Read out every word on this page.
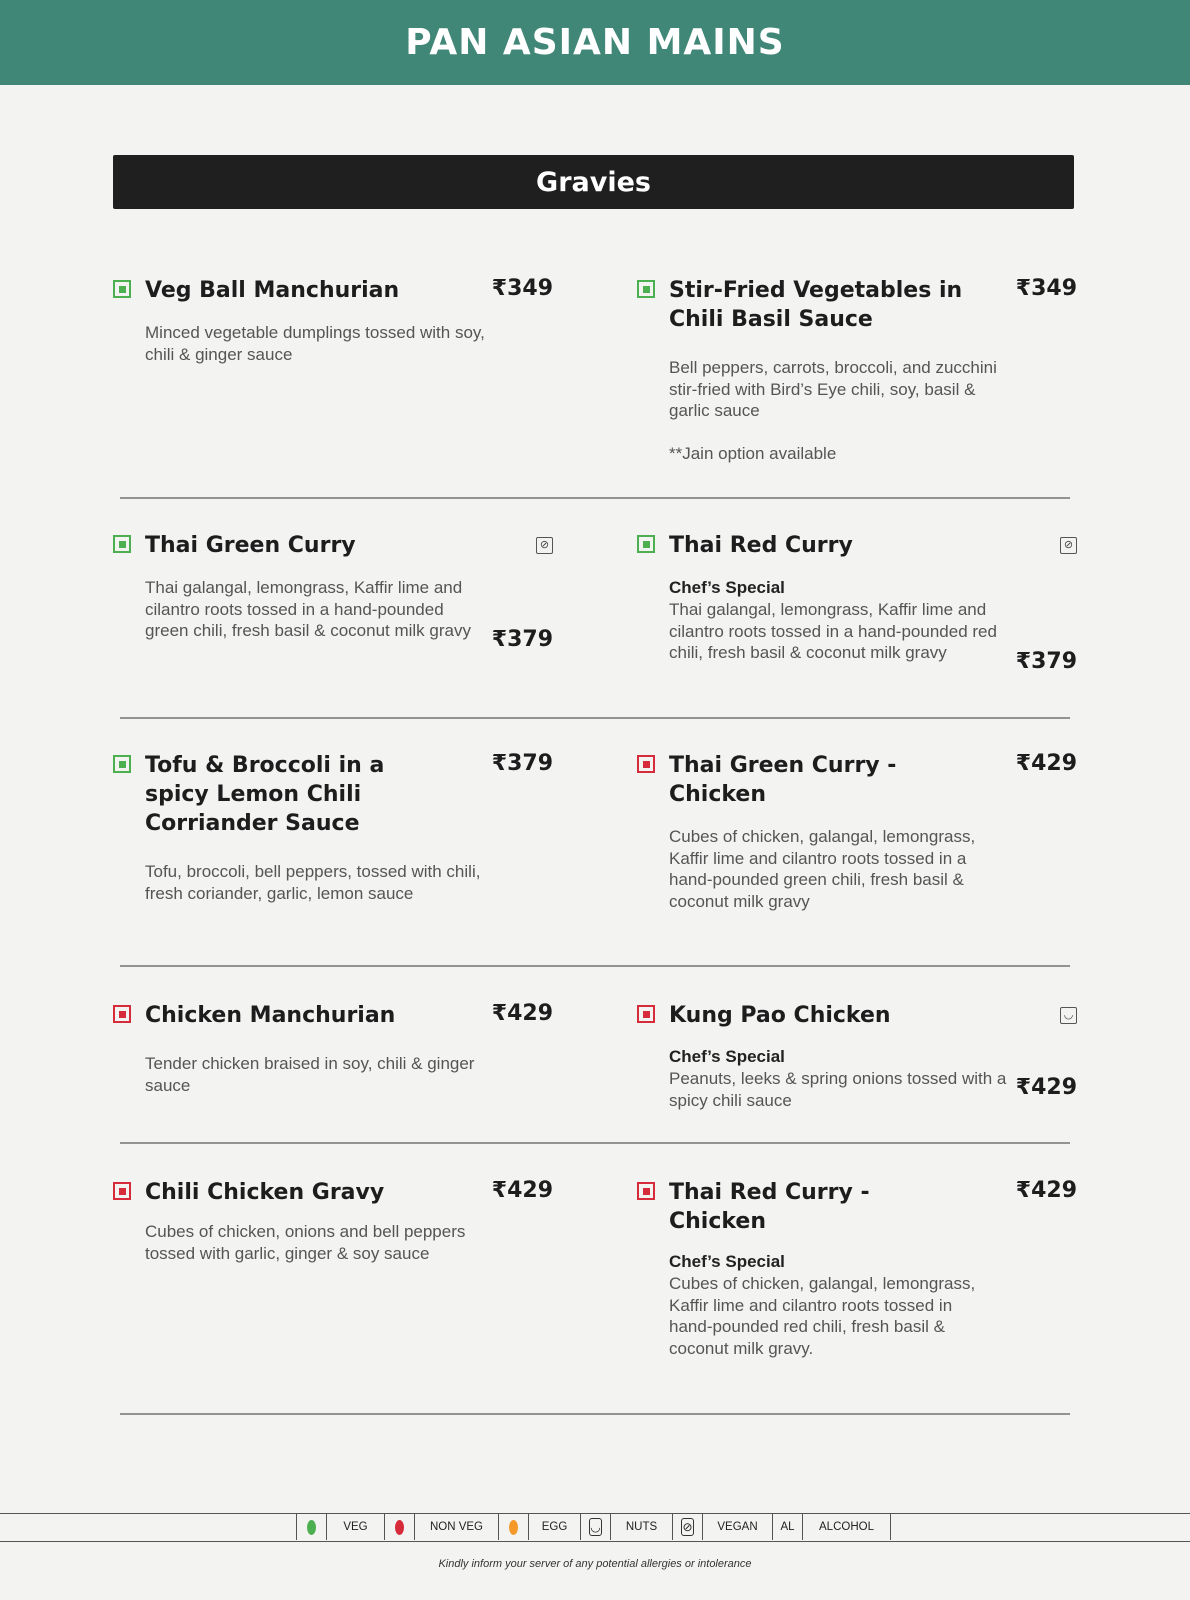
PAN ASIAN MAINS
Gravies
Veg Ball Manchurian	₹349

Minced vegetable dumplings tossed with soy, chili & ginger sauce

Stir-Fried Vegetables in Chili Basil Sauce
₹349

Bell peppers, carrots, broccoli, and zucchini stir-fried with Bird’s Eye chili, soy, basil & garlic sauce

**Jain option available
Thai Green Curry	⊘

Thai galangal, lemongrass, Kaffir lime and cilantro roots tossed in a hand-pounded green chili, fresh basil & coconut milk gravy ₹379
Thai Red Curry	⊘
Chef’s Special

Thai galangal, lemongrass, Kaffir lime and cilantro roots tossed in a hand-pounded red chili, fresh basil & coconut milk gravy	₹379
Tofu & Broccoli in a spicy Lemon Chili Corriander Sauce
₹379

Tofu, broccoli, bell peppers, tossed with chili, fresh coriander, garlic, lemon sauce

Thai Green Curry - Chicken
₹429

Cubes of chicken, galangal, lemongrass, Kaffir lime and cilantro roots tossed in a hand-pounded green chili, fresh basil & coconut milk gravy

Chicken Manchurian	₹429

Tender chicken braised in soy, chili & ginger sauce

Kung Pao Chicken	◡
Chef’s Special

Peanuts, leeks & spring onions tossed with a spicy chili sauce	₹429
Chili Chicken Gravy	₹429

Cubes of chicken, onions and bell peppers tossed with garlic, ginger & soy sauce

Thai Red Curry - Chicken
₹429
Chef’s Special

Cubes of chicken, galangal, lemongrass, Kaffir lime and cilantro roots tossed in hand-pounded red chili, fresh basil & coconut milk gravy.

VEG	NON VEG	EGG	◡	NUTS	⊘	VEGAN	AL	ALCOHOL
Kindly inform your server of any potential allergies or intolerance
